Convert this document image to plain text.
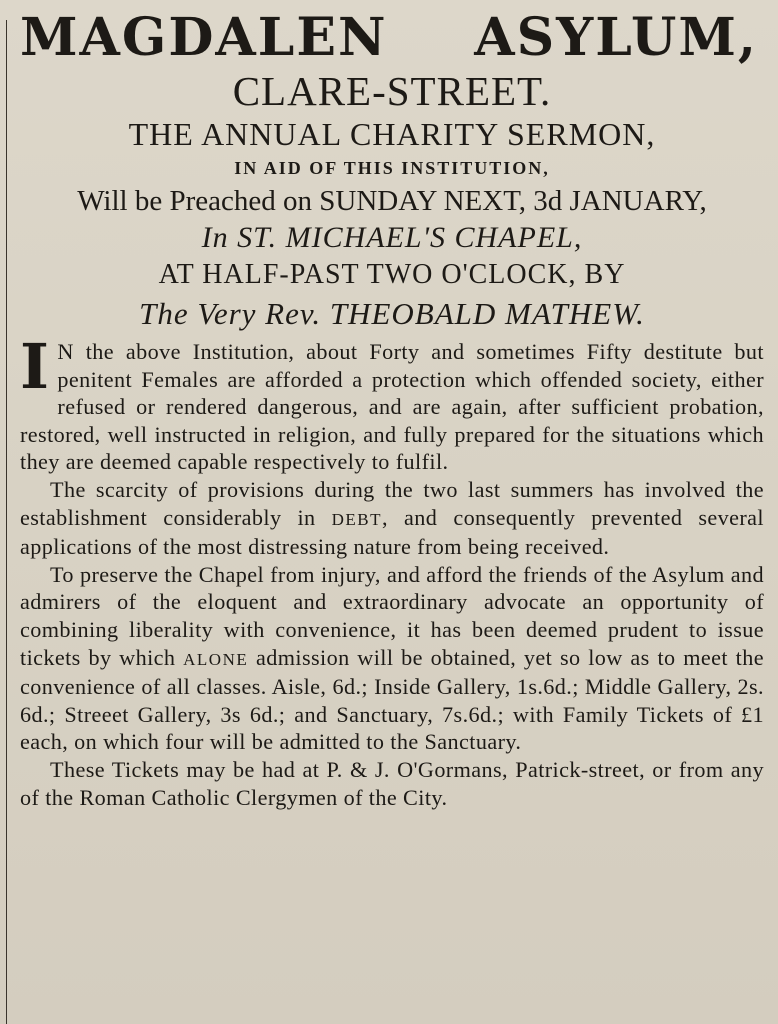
MAGDALEN ASYLUM,
CLARE-STREET.
THE ANNUAL CHARITY SERMON,
IN AID OF THIS INSTITUTION,
Will be Preached on SUNDAY NEXT, 3d JANUARY,
In ST. MICHAEL'S CHAPEL,
AT HALF-PAST TWO O'CLOCK, BY
The Very Rev. THEOBALD MATHEW.

I N the above Institution, about Forty and sometimes Fifty destitute but penitent Females are afforded a protection which offended society, either refused or rendered dangerous, and are again, after sufficient probation, restored, well instructed in religion, and fully prepared for the situations which they are deemed capable respectively to fulfil.

The scarcity of provisions during the two last summers has involved the establishment considerably in DEBT, and consequently prevented several applications of the most distressing nature from being received.

To preserve the Chapel from injury, and afford the friends of the Asylum and admirers of the eloquent and extraordinary advocate an opportunity of combining liberality with convenience, it has been deemed prudent to issue tickets by which ALONE admission will be obtained, yet so low as to meet the convenience of all classes. Aisle, 6d.; Inside Gallery, 1s.6d.; Middle Gallery, 2s. 6d.; Streeet Gallery, 3s 6d.; and Sanctuary, 7s.6d.; with Family Tickets of £1 each, on which four will be admitted to the Sanctuary.

These Tickets may be had at P. & J. O'Gormans, Patrick-street, or from any of the Roman Catholic Clergymen of the City.
